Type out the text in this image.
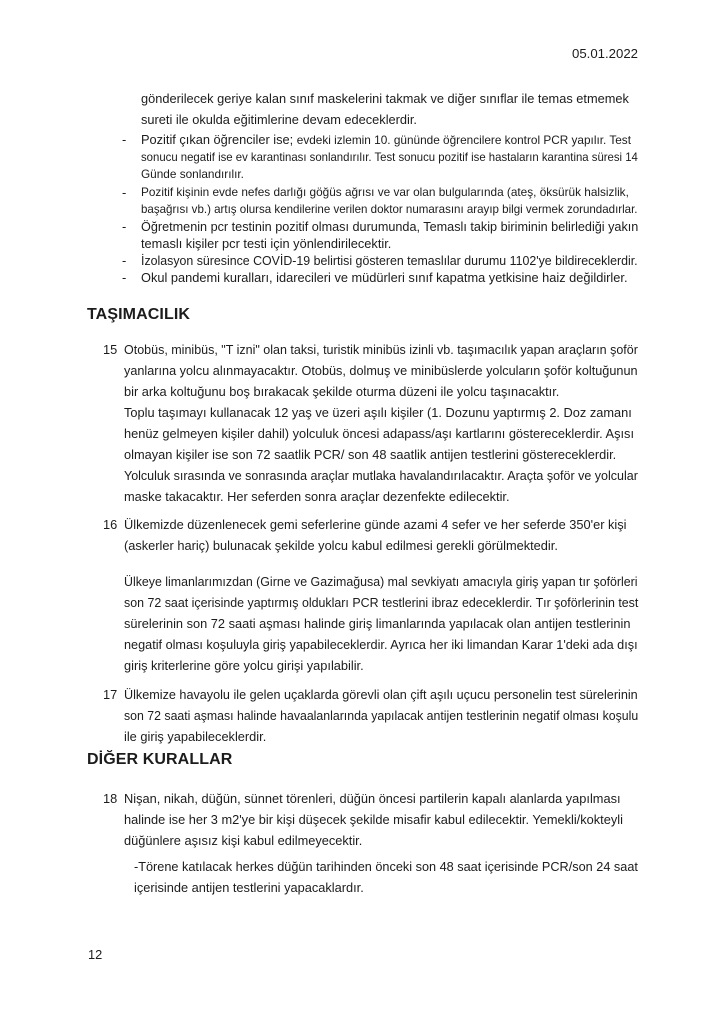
05.01.2022
gönderilecek geriye kalan sınıf maskelerini takmak ve diğer sınıflar ile temas etmemek
sureti ile okulda eğitimlerine devam edeceklerdir.
-	Pozitif çıkan öğrenciler ise; evdeki izlemin 10. gününde öğrencilere kontrol PCR yapılır. Test
sonucu negatif ise ev karantinası sonlandırılır. Test sonucu pozitif ise hastaların karantina süresi 14
Günde sonlandırılır.
-	Pozitif kişinin evde nefes darlığı göğüs ağrısı ve var olan bulgularında (ateş, öksürük halsizlik,
başağrısı vb.) artış olursa kendilerine verilen doktor numarasını arayıp bilgi vermek zorundadırlar.
-	Öğretmenin pcr testinin pozitif olması durumunda, Temaslı takip biriminin belirlediği yakın
temaslı kişiler pcr testi için yönlendirilecektir.
-	İzolasyon süresince COVİD-19 belirtisi gösteren temaslılar durumu 1102'ye bildireceklerdir.
-	Okul pandemi kuralları, idarecileri ve müdürleri sınıf kapatma yetkisine haiz değildirler.
TAŞIMACILIK
15 Otobüs, minibüs, "T izni" olan taksi, turistik minibüs izinli vb. taşımacılık yapan araçların şoför
yanlarına yolcu alınmayacaktır. Otobüs, dolmuş ve minibüslerde yolcuların şoför koltuğunun
bir arka koltuğunu boş bırakacak şekilde oturma düzeni ile yolcu taşınacaktır.
Toplu taşımayı kullanacak 12 yaş ve üzeri aşılı kişiler (1. Dozunu yaptırmış 2. Doz zamanı
henüz gelmeyen kişiler dahil) yolculuk öncesi adapass/aşı kartlarını göstereceklerdir. Aşısı
olmayan kişiler ise son 72 saatlik PCR/ son 48 saatlik antijen testlerini göstereceklerdir.
Yolculuk sırasında ve sonrasında araçlar mutlaka havalandırılacaktır. Araçta şoför ve yolcular
maske takacaktır. Her seferden sonra araçlar dezenfekte edilecektir.
16 Ülkemizde düzenlenecek gemi seferlerine günde azami 4 sefer ve her seferde 350'er kişi
(askerler hariç) bulunacak şekilde yolcu kabul edilmesi gerekli görülmektedir.
Ülkeye limanlarımızdan (Girne ve Gazimağusa) mal sevkiyatı amacıyla giriş yapan tır şoförleri
son 72 saat içerisinde yaptırmış oldukları PCR testlerini ibraz edeceklerdir. Tır şoförlerinin test
sürelerinin son 72 saati aşması halinde giriş limanlarında yapılacak olan antijen testlerinin
negatif olması koşuluyla giriş yapabileceklerdir. Ayrıca her iki limandan Karar 1'deki ada dışı
giriş kriterlerine göre yolcu girişi yapılabilir.
17 Ülkemize havayolu ile gelen uçaklarda görevli olan çift aşılı uçucu personelin test sürelerinin
son 72 saati aşması halinde havaalanlarında yapılacak antijen testlerinin negatif olması koşulu
ile giriş yapabileceklerdir.
DİĞER KURALLAR
18 Nişan, nikah, düğün, sünnet törenleri, düğün öncesi partilerin kapalı alanlarda yapılması
halinde ise her 3 m2'ye bir kişi düşecek şekilde misafir kabul edilecektir. Yemekli/kokteyli
düğünlere aşısız kişi kabul edilmeyecektir.
-Törene katılacak herkes düğün tarihinden önceki son 48 saat içerisinde PCR/son 24 saat
içerisinde antijen testlerini yapacaklardır.
12
